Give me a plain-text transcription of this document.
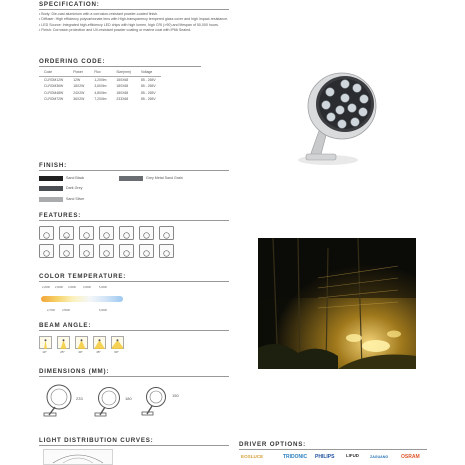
SPECIFICATION:
• Body: Die-cast aluminium with a corrosion-resistant powder-coated finish.
• Diffuser: High efficiency polycarbonate lens with High-transparency tempered glass cover and high impact-resistance.
• LED Source: Integrated high-efficiency LED chips with high lumen, high CRI (>90) and lifespan of 50,000 hours.
• Finish: Corrosion protection and UV-resistant powder coating or marine coat with IP66 Sealed.
ORDERING CODE:
Code	Power	Flux	Size(mm)	Voltage
CLROM12W	12W	1,200lm	150X68	85 - 265V
CLROM36W	18X2W	3,600lm	180X68	85 - 265V
CLROM48W	24X2W	4,800lm	180X68	85 - 265V
CLROM72W	36X2W	7,200lm	233X68	85 - 265V
FINISH:
Sand Black
Dark Grey
Sand Silver
Grey Metal Sand Grain
FEATURES:
IP 66
COLOR TEMPERATURE:
2,200K 2,600K 3,000K	4,000K	5,000K
2,700K	3,500K	6,000K
BEAM ANGLE:
10°	25°	30°	45°	60°
DIMENSIONS (MM):
233	180
150
LIGHT DISTRIBUTION CURVES:
DRIVER OPTIONS:
EOSLUCE	TRIDONIC PHILIPS	LIFUD	ZAGUANG	OSRAM
